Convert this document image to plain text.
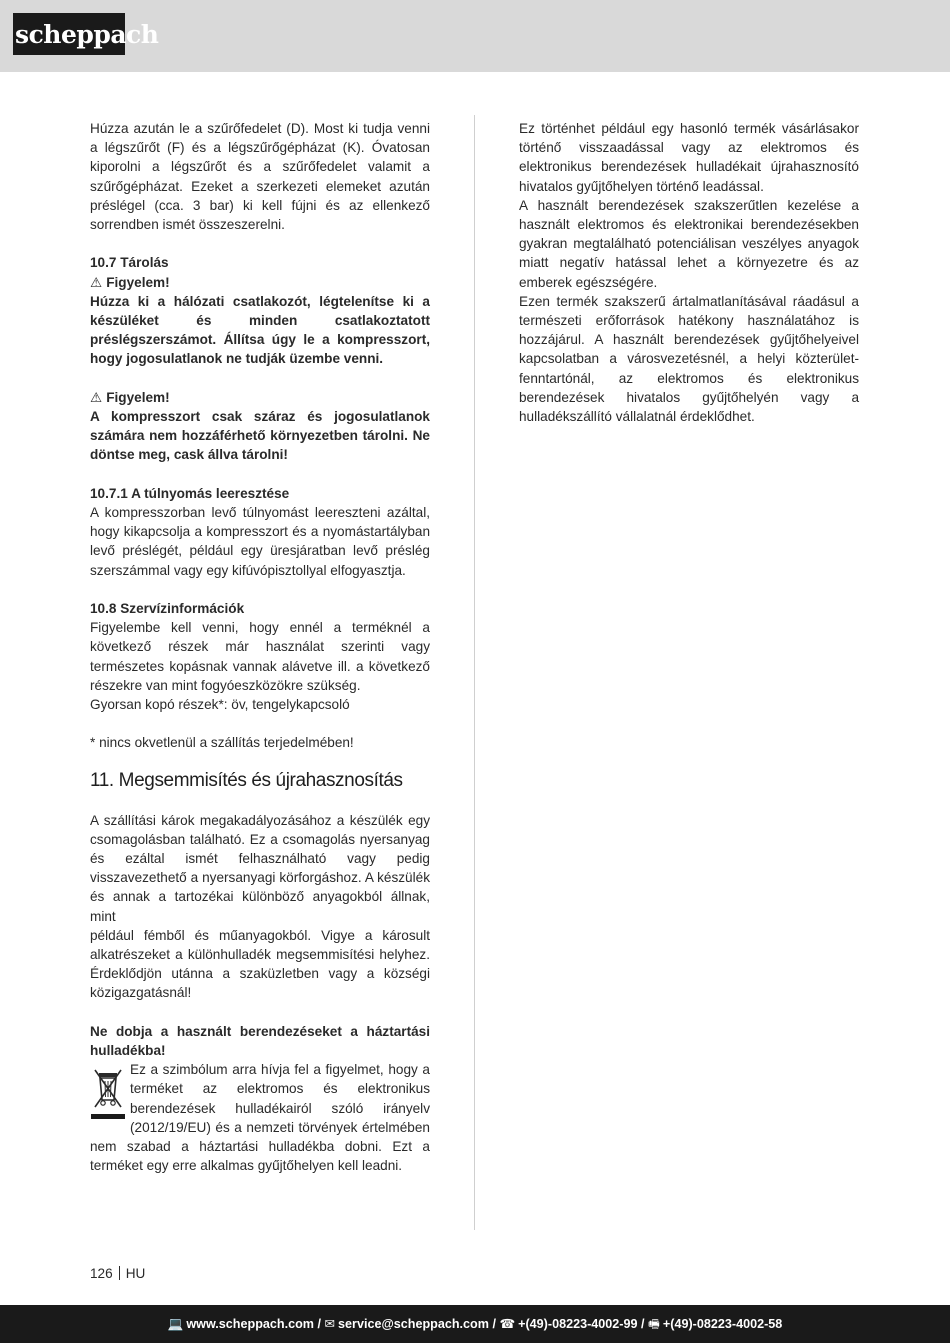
scheppach

Húzza azután le a szűrőfedelet (D). Most ki tudja venni a légszűrőt (F) és a légszűrőgépházat (K). Óvatosan kiporolni a légszűrőt és a szűrőfedelet valamit a szűrőgépházat. Ezeket a szerkezeti elemeket azután préslégel (cca. 3 bar) ki kell fújni és az ellenkező sorrendben ismét összeszerelni.

10.7 Tárolás

⚠ Figyelem!

Húzza ki a hálózati csatlakozót, légtelenítse ki a készüléket és minden csatlakoztatott préslégszerszámot. Állítsa úgy le a kompresszort, hogy jogosulatlanok ne tudják üzembe venni.

⚠ Figyelem!

A kompresszort csak száraz és jogosulatlanok számára nem hozzáférhető környezetben tárolni. Ne döntse meg, cask állva tárolni!

10.7.1 A túlnyomás leeresztése

A kompresszorban levő túlnyomást leereszteni azáltal, hogy kikapcsolja a kompresszort és a nyomástartályban levő préslégét, például egy üresjáratban levő préslég szerszámmal vagy egy kifúvópisztollyal elfogyasztja.

10.8 Szervízinformációk

Figyelembe kell venni, hogy ennél a terméknél a következő részek már használat szerinti vagy természetes kopásnak vannak alávetve ill. a következő részekre van mint fogyóeszközökre szükség.

Gyorsan kopó részek*: öv, tengelykapcsoló

* nincs okvetlenül a szállítás terjedelmében!

11. Megsemmisítés és újrahasznosítás

A szállítási károk megakadályozásához a készülék egy csomagolásban található. Ez a csomagolás nyersanyag és ezáltal ismét felhasználható vagy pedig visszavezethető a nyersanyagi körforgáshoz. A készülék és annak a tartozékai különböző anyagokból állnak, mint

például fémből és műanyagokból. Vigye a károsult alkatrészeket a különhulladék megsemmisítési helyhez. Érdeklődjön utánna a szaküzletben vagy a községi közigazgatásnál!

Ne dobja a használt berendezéseket a háztartási hulladékba!

Ez a szimbólum arra hívja fel a figyelmet, hogy a terméket az elektromos és elektronikus berendezések hulladékairól szóló irányelv (2012/19/EU) és a nemzeti törvények értelmében nem szabad a háztartási hulladékba dobni. Ezt a terméket egy erre alkalmas gyűjtőhelyen kell leadni.

Ez történhet például egy hasonló termék vásárlásakor történő visszaadással vagy az elektromos és elektronikus berendezések hulladékait újrahasznosító hivatalos gyűjtőhelyen történő leadással.

A használt berendezések szakszerűtlen kezelése a használt elektromos és elektronikai berendezésekben gyakran megtalálható potenciálisan veszélyes anyagok miatt negatív hatással lehet a környezetre és az emberek egészségére.

Ezen termék szakszerű ártalmatlanításával ráadásul a természeti erőforrások hatékony használatához is hozzájárul. A használt berendezések gyűjtőhelyeivel kapcsolatban a városvezetésnél, a helyi közterület-fenntartónál, az elektromos és elektronikus berendezések hivatalos gyűjtőhelyén vagy a hulladékszállító vállalatnál érdeklődhet.

126 HU
💻 www.scheppach.com / ✉ service@scheppach.com / ☎ +(49)-08223-4002-99 / 🖷 +(49)-08223-4002-58
